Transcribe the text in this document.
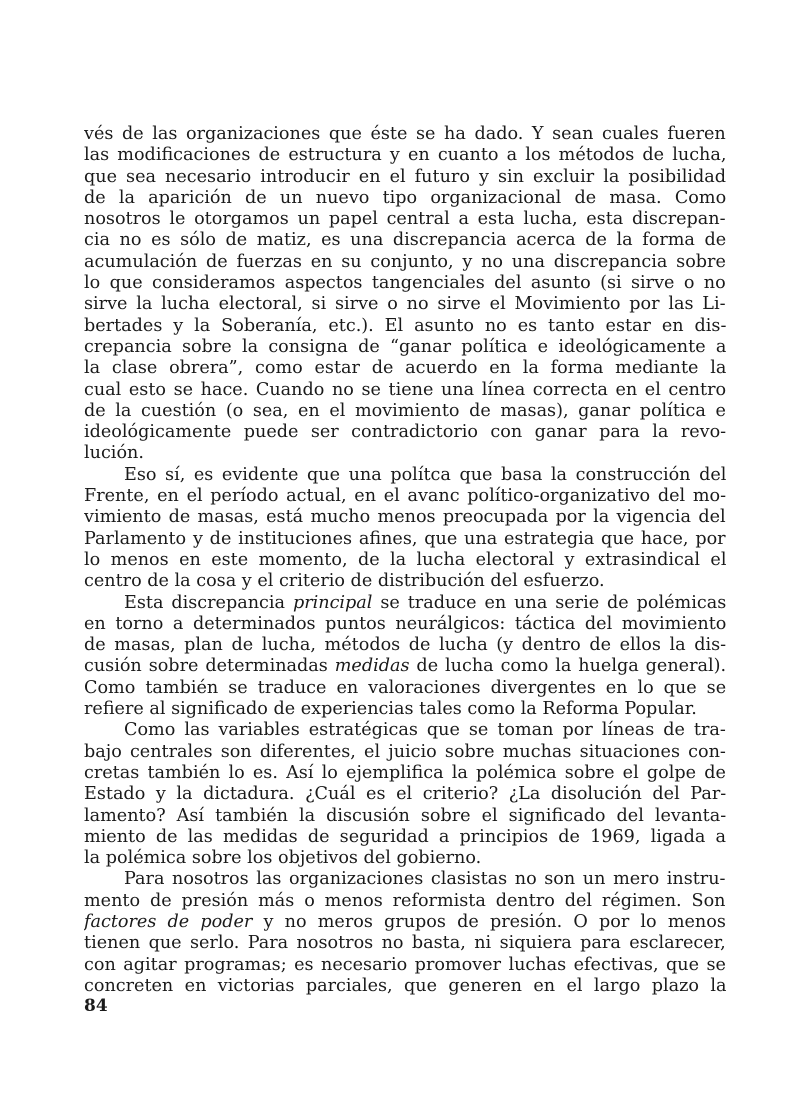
vés de las organizaciones que éste se ha dado. Y sean cuales fueren
las modificaciones de estructura y en cuanto a los métodos de lucha,
que sea necesario introducir en el futuro y sin excluir la posibilidad
de la aparición de un nuevo tipo organizacional de masa. Como
nosotros le otorgamos un papel central a esta lucha, esta discrepan-
cia no es sólo de matiz, es una discrepancia acerca de la forma de
acumulación de fuerzas en su conjunto, y no una discrepancia sobre
lo que consideramos aspectos tangenciales del asunto (si sirve o no
sirve la lucha electoral, si sirve o no sirve el Movimiento por las Li-
bertades y la Soberanía, etc.). El asunto no es tanto estar en dis-
crepancia sobre la consigna de “ganar política e ideológicamente a
la clase obrera”, como estar de acuerdo en la forma mediante la
cual esto se hace. Cuando no se tiene una línea correcta en el centro
de la cuestión (o sea, en el movimiento de masas), ganar política e
ideológicamente puede ser contradictorio con ganar para la revo-
lución.
Eso sí, es evidente que una polítca que basa la construcción del
Frente, en el período actual, en el avanc político-organizativo del mo-
vimiento de masas, está mucho menos preocupada por la vigencia del
Parlamento y de instituciones afines, que una estrategia que hace, por
lo menos en este momento, de la lucha electoral y extrasindical el
centro de la cosa y el criterio de distribución del esfuerzo.
Esta discrepancia principal se traduce en una serie de polémicas
en torno a determinados puntos neurálgicos: táctica del movimiento
de masas, plan de lucha, métodos de lucha (y dentro de ellos la dis-
cusión sobre determinadas medidas de lucha como la huelga general).
Como también se traduce en valoraciones divergentes en lo que se
refiere al significado de experiencias tales como la Reforma Popular.
Como las variables estratégicas que se toman por líneas de tra-
bajo centrales son diferentes, el juicio sobre muchas situaciones con-
cretas también lo es. Así lo ejemplifica la polémica sobre el golpe de
Estado y la dictadura. ¿Cuál es el criterio? ¿La disolución del Par-
lamento? Así también la discusión sobre el significado del levanta-
miento de las medidas de seguridad a principios de 1969, ligada a
la polémica sobre los objetivos del gobierno.
Para nosotros las organizaciones clasistas no son un mero instru-
mento de presión más o menos reformista dentro del régimen. Son
factores de poder y no meros grupos de presión. O por lo menos
tienen que serlo. Para nosotros no basta, ni siquiera para esclarecer,
con agitar programas; es necesario promover luchas efectivas, que se
concreten en victorias parciales, que generen en el largo plazo la
84
